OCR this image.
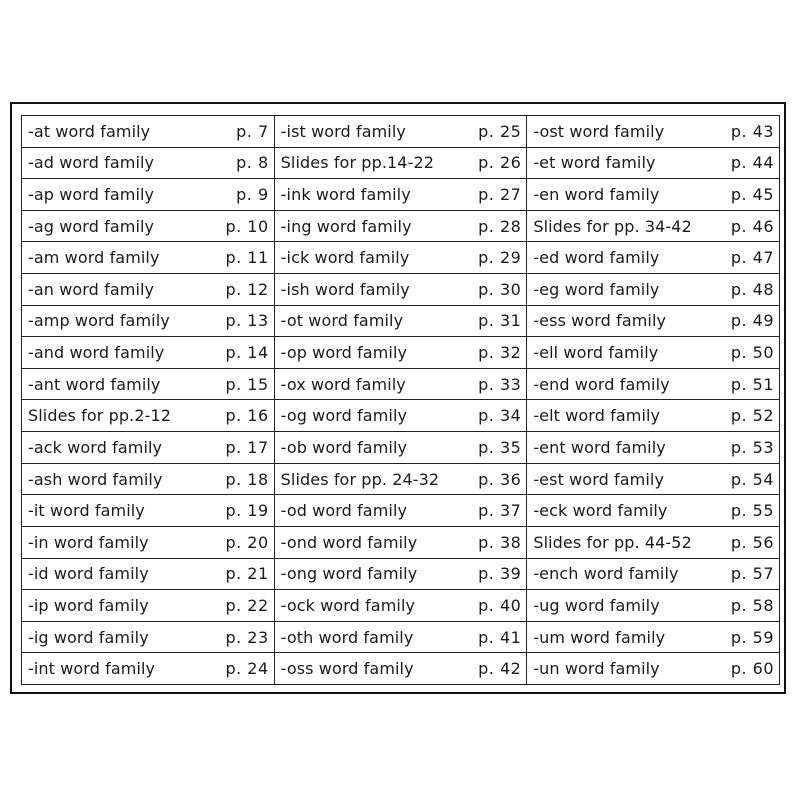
-at word family p. 7	-ist word family p. 25	-ost word family p. 43

-ad word family p. 8	Slides for pp.14-22 p. 26	-et word family p. 44

-ap word family p. 9	-ink word family p. 27	-en word family p. 45

-ag word family p. 10	-ing word family p. 28	Slides for pp. 34-42 p. 46

-am word family p. 11	-ick word family p. 29	-ed word family p. 47

-an word family p. 12	-ish word family p. 30	-eg word family p. 48

-amp word family p. 13	-ot word family p. 31	-ess word family p. 49

-and word family p. 14	-op word family p. 32	-ell word family p. 50

-ant word family p. 15	-ox word family p. 33	-end word family p. 51

Slides for pp.2-12 p. 16	-og word family p. 34	-elt word family p. 52

-ack word family p. 17	-ob word family p. 35	-ent word family p. 53

-ash word family p. 18	Slides for pp. 24-32 p. 36	-est word family p. 54

-it word family p. 19	-od word family p. 37	-eck word family p. 55

-in word family p. 20	-ond word family p. 38	Slides for pp. 44-52 p. 56

-id word family p. 21	-ong word family p. 39	-ench word family p. 57

-ip word family p. 22	-ock word family p. 40	-ug word family p. 58

-ig word family p. 23	-oth word family p. 41	-um word family p. 59

-int word family p. 24	-oss word family p. 42	-un word family p. 60
